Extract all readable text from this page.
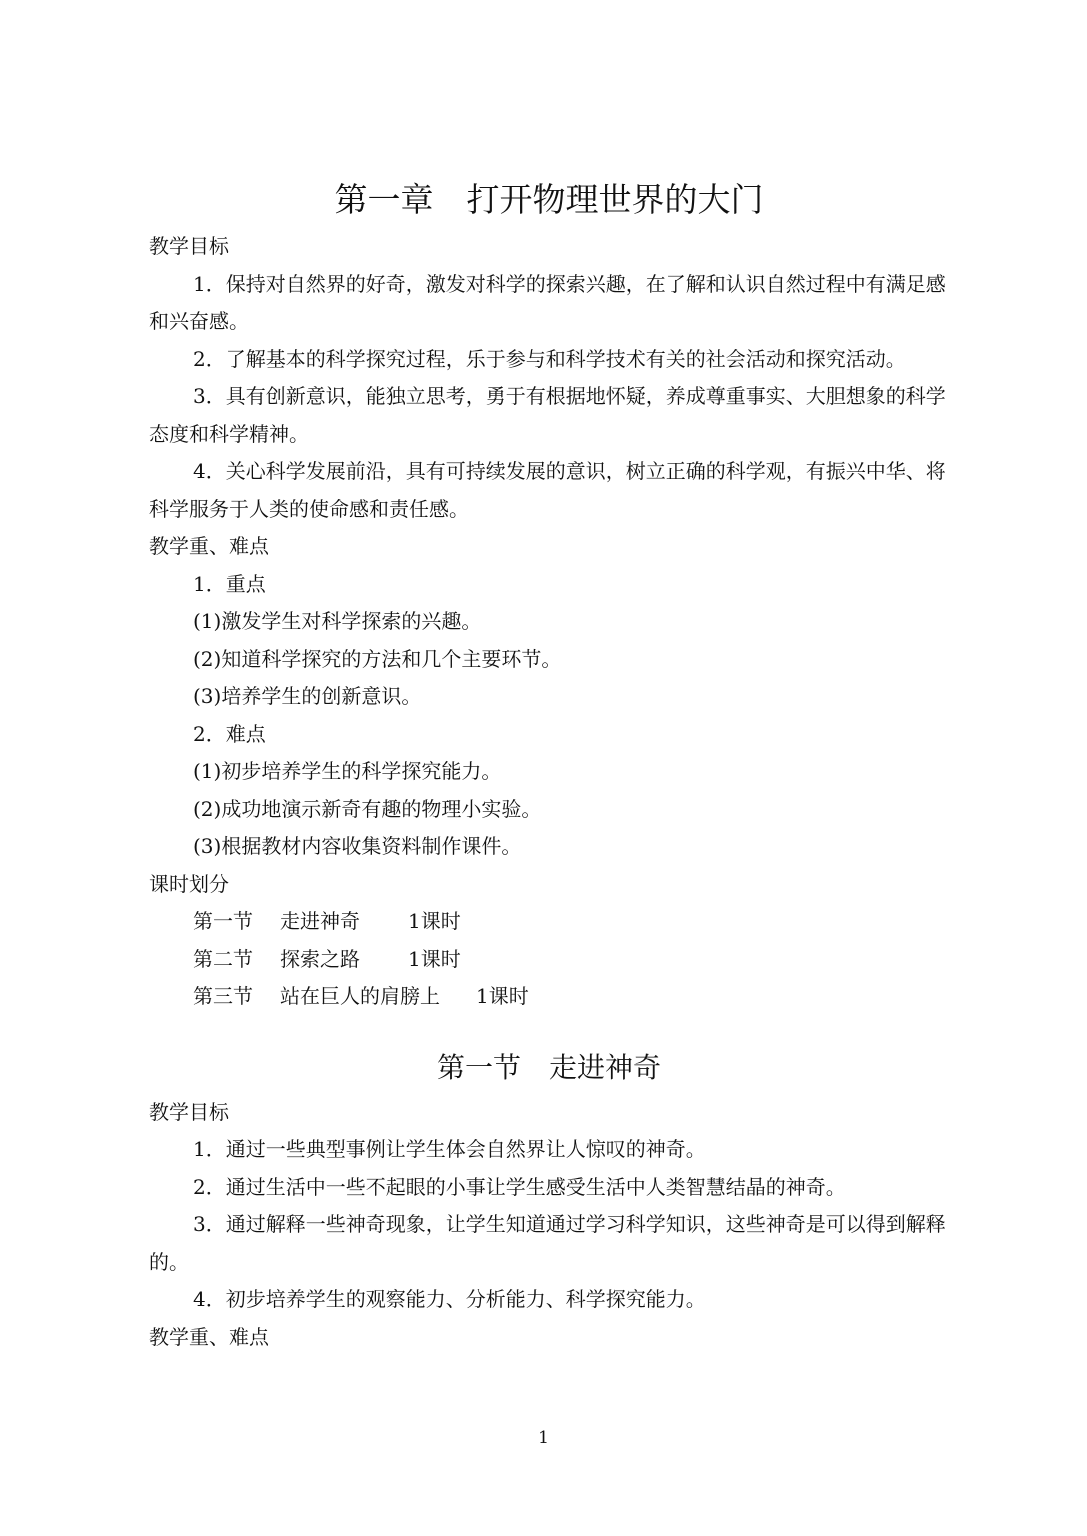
第一章　打开物理世界的大门
教学目标

1．保持对自然界的好奇，激发对科学的探索兴趣，在了解和认识自然过程中有满足感和兴奋感。

2．了解基本的科学探究过程，乐于参与和科学技术有关的社会活动和探究活动。

3．具有创新意识，能独立思考，勇于有根据地怀疑，养成尊重事实、大胆想象的科学态度和科学精神。

4．关心科学发展前沿，具有可持续发展的意识，树立正确的科学观，有振兴中华、将科学服务于人类的使命感和责任感。

教学重、难点
1．重点
(1)激发学生对科学探索的兴趣。
(2)知道科学探究的方法和几个主要环节。
(3)培养学生的创新意识。
2．难点
(1)初步培养学生的科学探究能力。
(2)成功地演示新奇有趣的物理小实验。
(3)根据教材内容收集资料制作课件。
课时划分
第一节	走进神奇	1课时
第二节	探索之路	1课时
第三节	站在巨人的肩膀上	1课时
第一节　走进神奇
教学目标

1．通过一些典型事例让学生体会自然界让人惊叹的神奇。

2．通过生活中一些不起眼的小事让学生感受生活中人类智慧结晶的神奇。

3．通过解释一些神奇现象，让学生知道通过学习科学知识，这些神奇是可以得到解释的。

4．初步培养学生的观察能力、分析能力、科学探究能力。

教学重、难点
1
